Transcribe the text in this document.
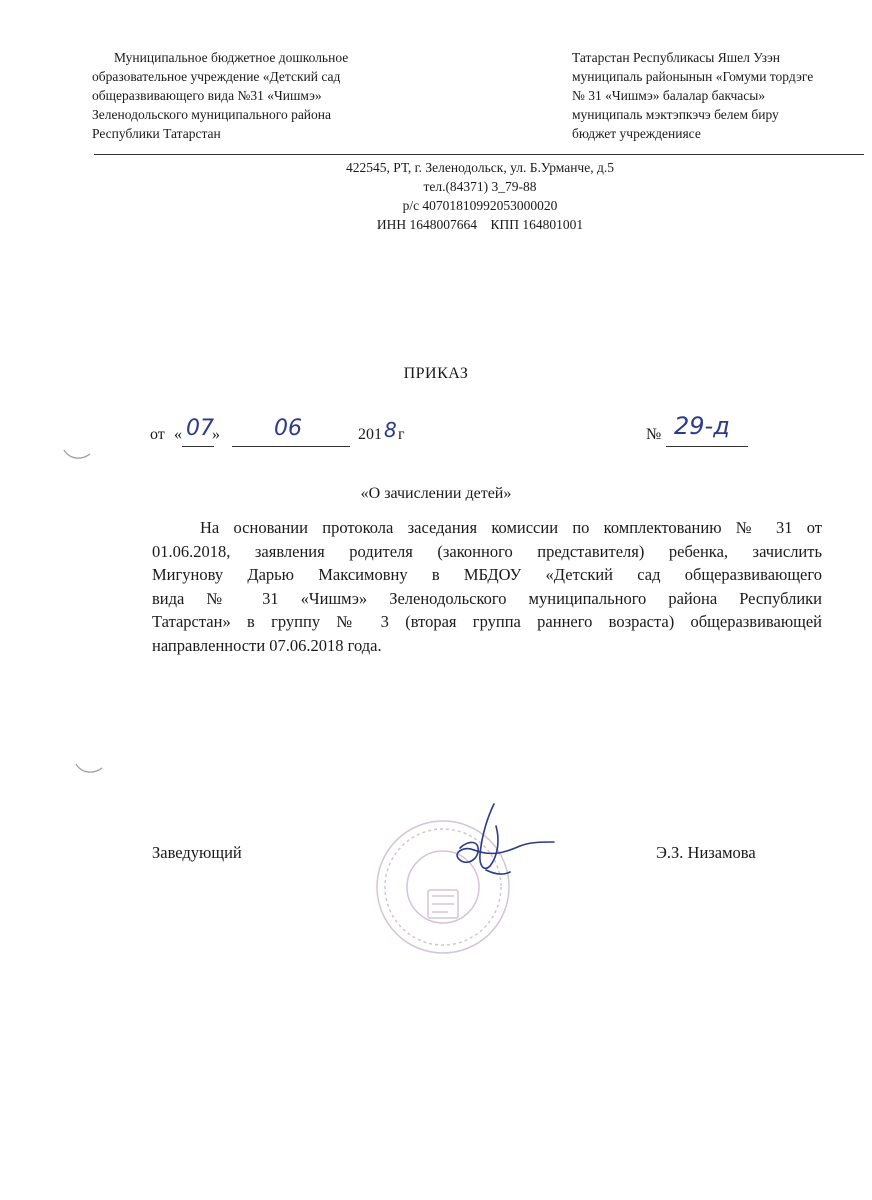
Муниципальное бюджетное дошкольное
образовательное учреждение «Детский сад
общеразвивающего вида №31 «Чишмэ»
Зеленодольского муниципального района
Республики Татарстан
Татарстан Республикасы Яшел Узэн
муниципаль районынын «Гомуми тордэге
№ 31 «Чишмэ» балалар бакчасы»
муниципаль мэктэпкэчэ белем биру
бюджет учреждениясе
422545, РТ, г. Зеленодольск, ул. Б.Урманче, д.5
тел.(84371) 3_79-88
р/с 40701810992053000020
ИНН 1648007664    КПП 164801001
ПРИКАЗ
от « 07
» 06	201 8 г	№ 29-д
«О зачислении детей»
На основании протокола заседания комиссии по комплектованию № 31 от
01.06.2018, заявления родителя (законного представителя) ребенка, зачислить
Мигунову Дарью Максимовну в МБДОУ «Детский сад общеразвивающего
вида № 31 «Чишмэ» Зеленодольского муниципального района Республики
Татарстан» в группу № 3 (вторая группа раннего возраста) общеразвивающей
направленности 07.06.2018 года.
Заведующий	Э.З. Низамова
